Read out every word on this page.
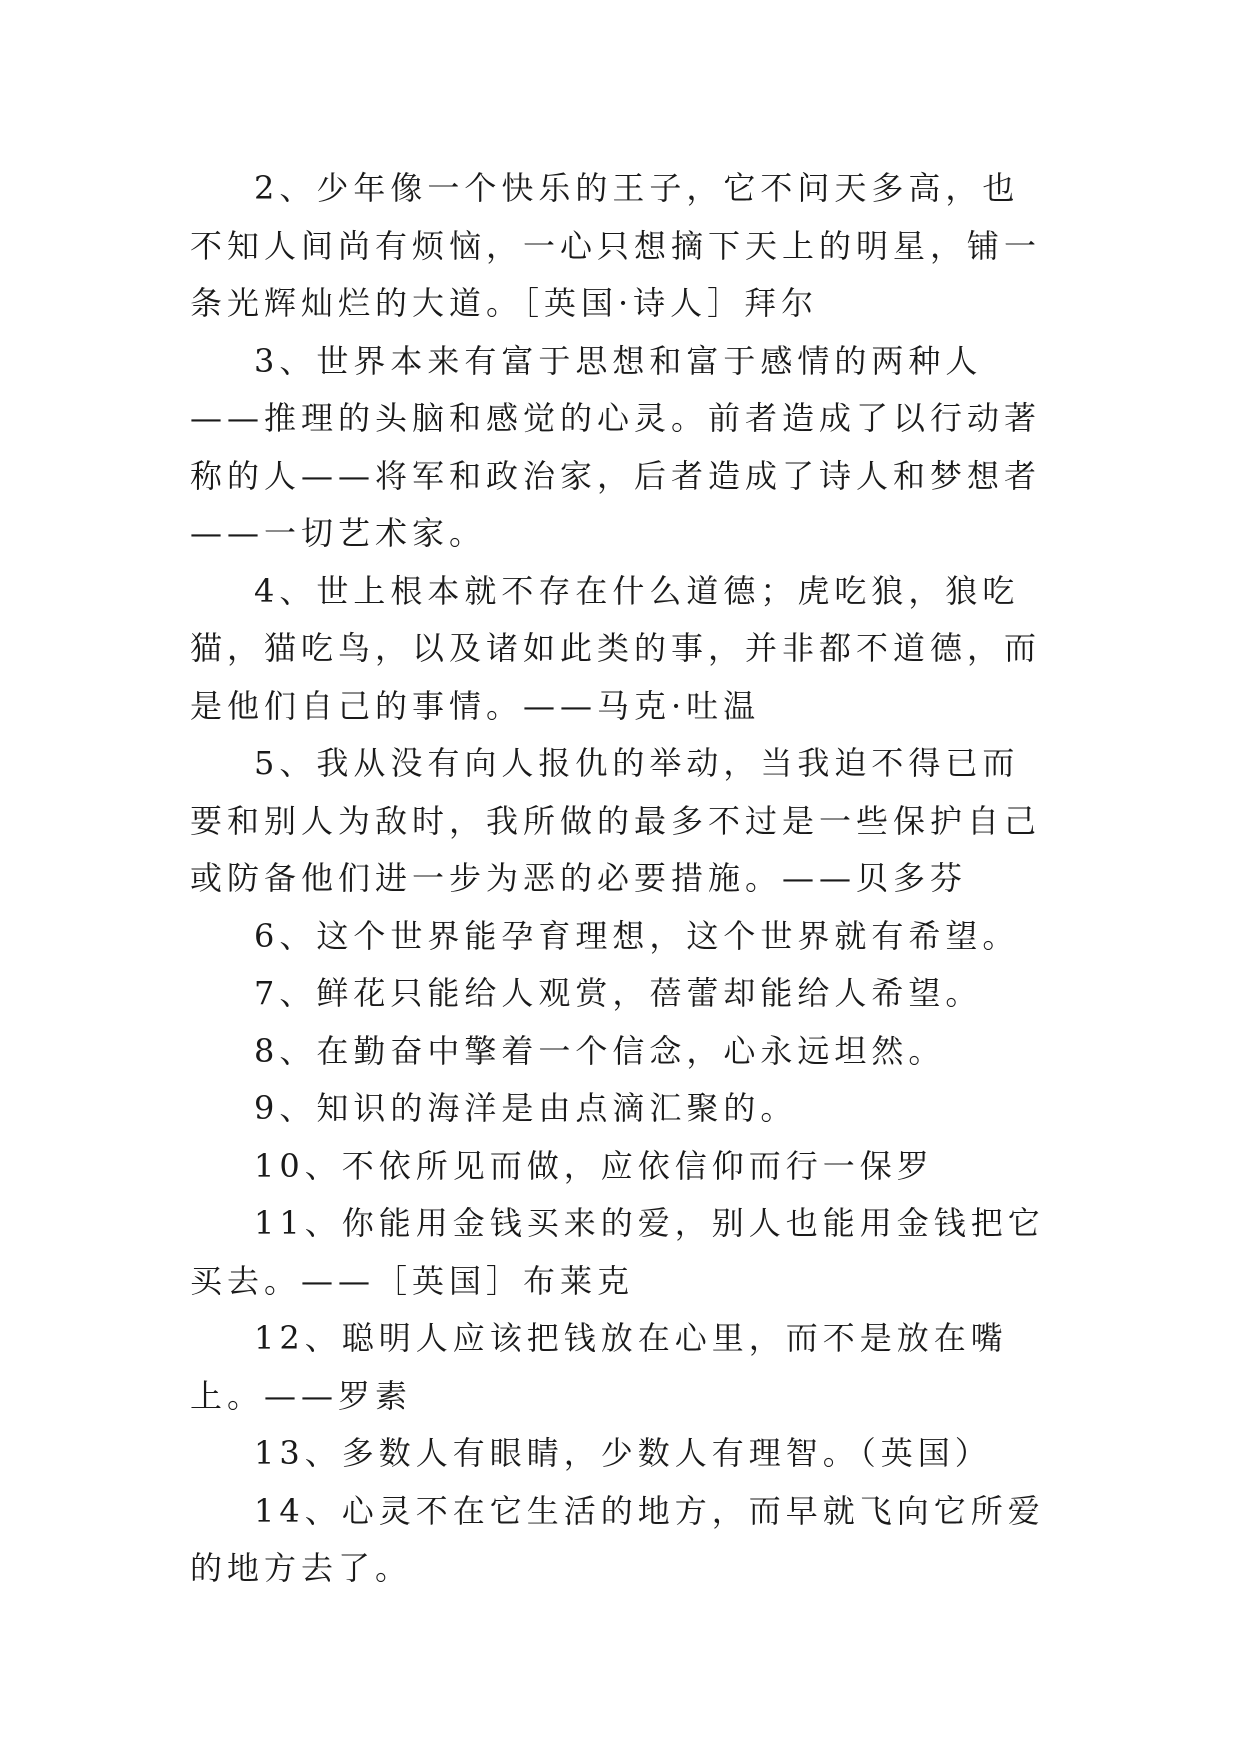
2、少年像一个快乐的王子，它不问天多高，也不知人间尚有烦恼，一心只想摘下天上的明星，铺一条光辉灿烂的大道。［英国·诗人］拜尔

3、世界本来有富于思想和富于感情的两种人——推理的头脑和感觉的心灵。前者造成了以行动著称的人——将军和政治家，后者造成了诗人和梦想者——一切艺术家。

4、世上根本就不存在什么道德；虎吃狼，狼吃猫，猫吃鸟，以及诸如此类的事，并非都不道德，而是他们自己的事情。——马克·吐温

5、我从没有向人报仇的举动，当我迫不得已而要和别人为敌时，我所做的最多不过是一些保护自己或防备他们进一步为恶的必要措施。——贝多芬

6、这个世界能孕育理想，这个世界就有希望。

7、鲜花只能给人观赏，蓓蕾却能给人希望。

8、在勤奋中擎着一个信念，心永远坦然。

9、知识的海洋是由点滴汇聚的。

10、不依所见而做，应依信仰而行一保罗

11、你能用金钱买来的爱，别人也能用金钱把它买去。——［英国］布莱克

12、聪明人应该把钱放在心里，而不是放在嘴上。——罗素

13、多数人有眼睛，少数人有理智。（英国）

14、心灵不在它生活的地方，而早就飞向它所爱的地方去了。
